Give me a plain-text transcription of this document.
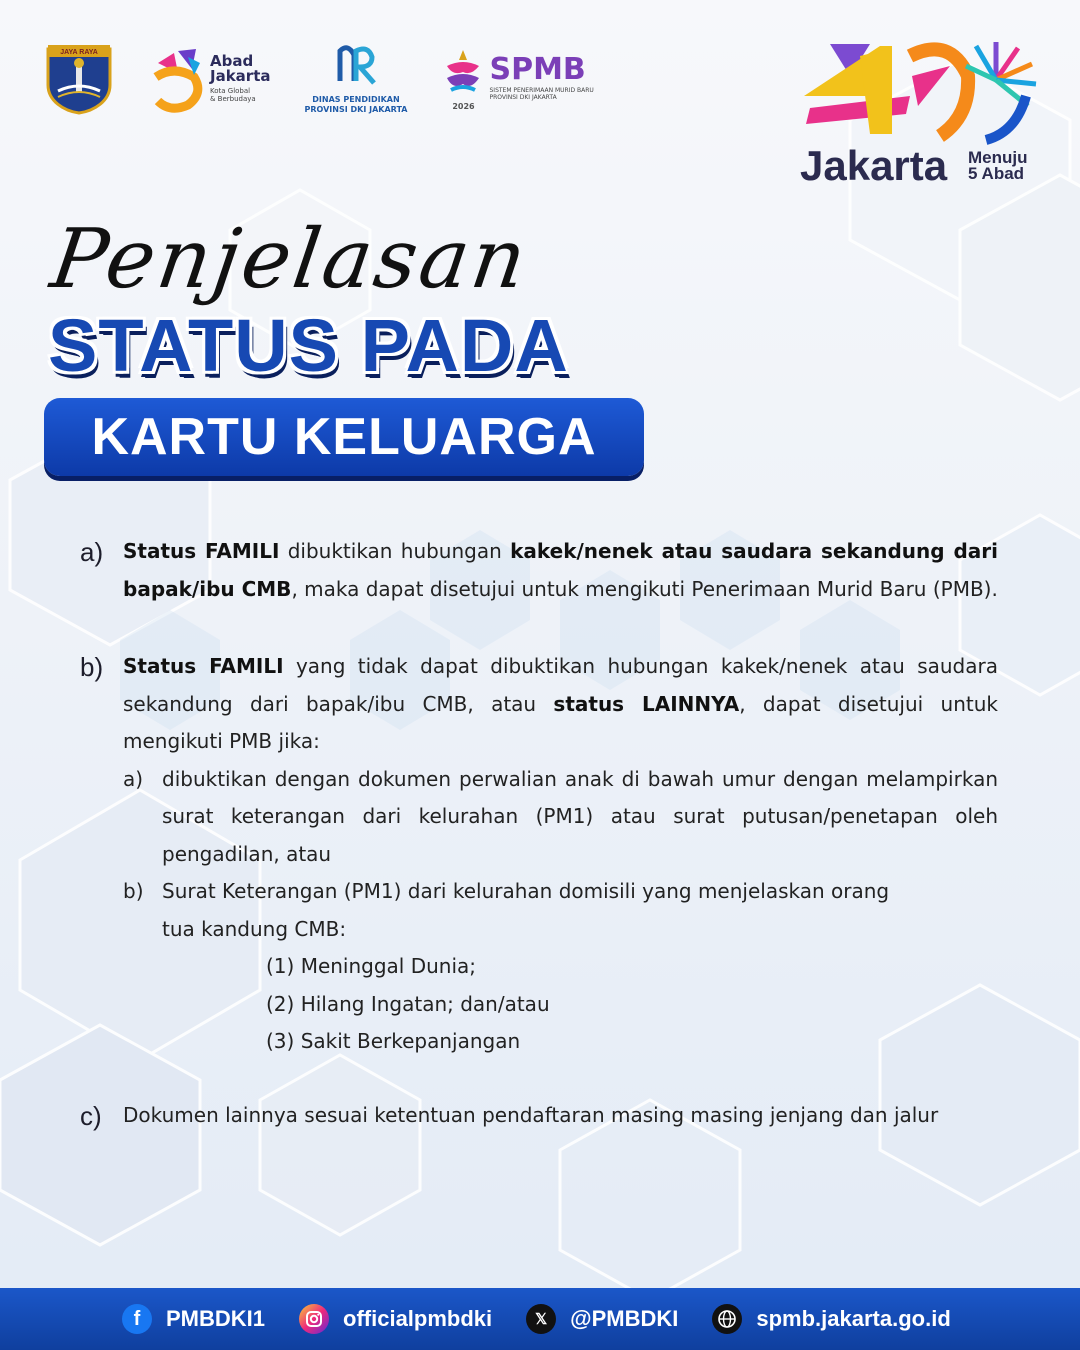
JAYA RAYA	Abad
Jakarta
Kota Global
& Berbudaya	DINAS PENDIDIKAN
PROVINSI DKI JAKARTA	2026
SPMB
SISTEM PENERIMAAN MURID BARU
PROVINSI DKI JAKARTA
Jakarta Menuju
5 Abad
Penjelasan
STATUS PADA
KARTU KELUARGA
a) Status FAMILI dibuktikan hubungan kakek/nenek atau saudara sekandung dari bapak/ibu CMB, maka dapat disetujui untuk mengikuti Penerimaan Murid Baru (PMB).
b) Status FAMILI yang tidak dapat dibuktikan hubungan kakek/nenek atau saudara sekandung dari bapak/ibu CMB, atau status LAINNYA, dapat disetujui untuk mengikuti PMB jika:
a) dibuktikan dengan dokumen perwalian anak di bawah umur dengan melampirkan surat keterangan dari kelurahan (PM1) atau surat putusan/penetapan oleh pengadilan, atau
b) Surat Keterangan (PM1) dari kelurahan domisili yang menjelaskan orang
tua kandung CMB:
(1) Meninggal Dunia;
(2) Hilang Ingatan; dan/atau
(3) Sakit Berkepanjangan
c) Dokumen lainnya sesuai ketentuan pendaftaran masing masing jenjang dan jalur
f	PMBDKI1	officialpmbdki	𝕏	@PMBDKI	spmb.jakarta.go.id
